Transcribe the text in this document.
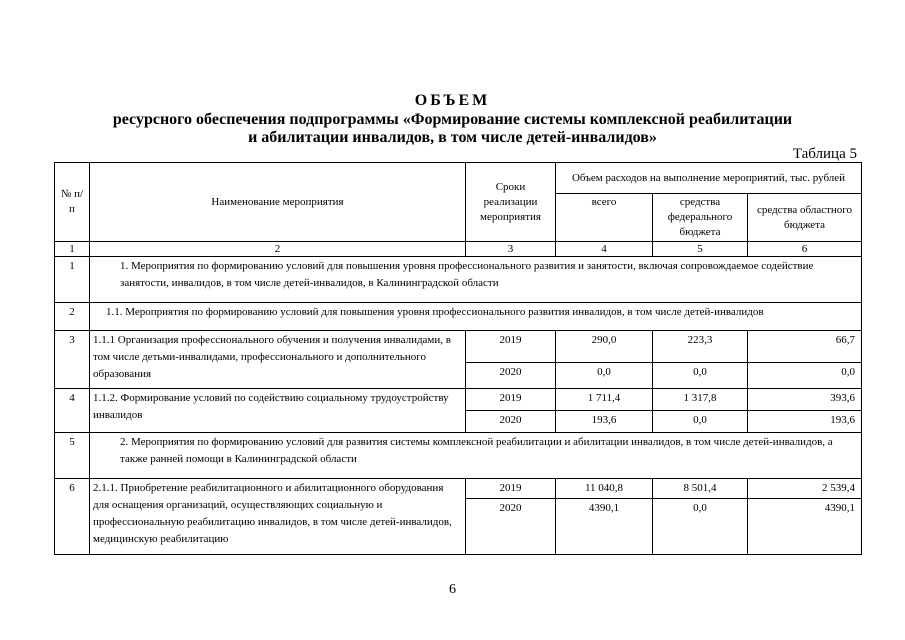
ОБЪЕМ
ресурсного обеспечения подпрограммы «Формирование системы комплексной реабилитации
и абилитации инвалидов, в том числе детей-инвалидов»
Таблица 5
№ п/п	Наименование мероприятия	Сроки реализации мероприятия	Объем расходов на выполнение мероприятий, тыс. рублей		
			всего	средства федерального бюджета	средства областного бюджета
1	2	3	4	5	6
1	1. Мероприятия по формированию условий для повышения уровня профессионального развития и занятости, включая сопровождаемое содействие занятости, инвалидов, в том числе детей-инвалидов, в Калининградской области				
2	1.1. Мероприятия по формированию условий для повышения уровня профессионального развития инвалидов, в том числе детей-инвалидов				
3	1.1.1 Организация профессионального обучения и получения инвалидами, в том числе детьми-инвалидами, профессионального и дополнительного образования	2019	290,0	223,3	66,7
		2020	0,0	0,0	0,0
4	1.1.2. Формирование условий по содействию социальному трудоустройству инвалидов	2019	1 711,4	1 317,8	393,6
		2020	193,6	0,0	193,6
5	2. Мероприятия по формированию условий для развития системы комплексной реабилитации и абилитации инвалидов, в том числе детей-инвалидов, а также ранней помощи в Калининградской области				
6	2.1.1. Приобретение реабилитационного и абилитационного оборудования для оснащения организаций, осуществляющих социальную и профессиональную реабилитацию инвалидов, в том числе детей-инвалидов, медицинскую реабилитацию	2019	11 040,8	8 501,4	2 539,4
		2020	4390,1	0,0	4390,1
6
